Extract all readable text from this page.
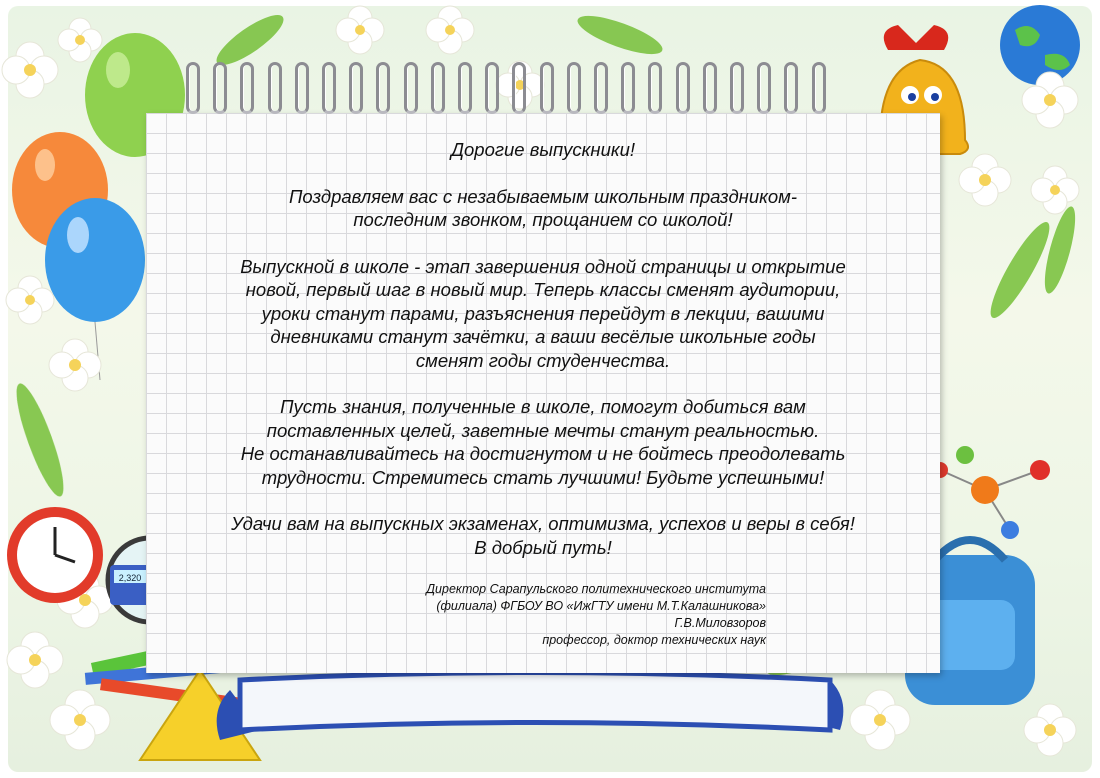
2,320

Дорогие выпускники!

Поздравляем вас с незабываемым школьным праздником-
последним звонком, прощанием со школой!

Выпускной в школе - этап завершения одной страницы и открытие
новой, первый шаг в новый мир. Теперь классы сменят аудитории,
уроки станут парами, разъяснения перейдут в лекции, вашими
дневниками станут зачётки, а ваши весёлые школьные годы
сменят годы студенчества.

Пусть знания, полученные в школе, помогут добиться вам
поставленных целей, заветные мечты станут реальностью.
Не останавливайтесь на достигнутом и не бойтесь преодолевать
трудности. Стремитесь стать лучшими! Будьте успешными!

Удачи вам на выпускных экзаменах, оптимизма, успехов и веры в себя!
В добрый путь!

Директор Сарапульского политехнического института
(филиала) ФГБОУ ВО «ИжГТУ имени М.Т.Калашникова»
Г.В.Миловзоров
профессор, доктор технических наук
